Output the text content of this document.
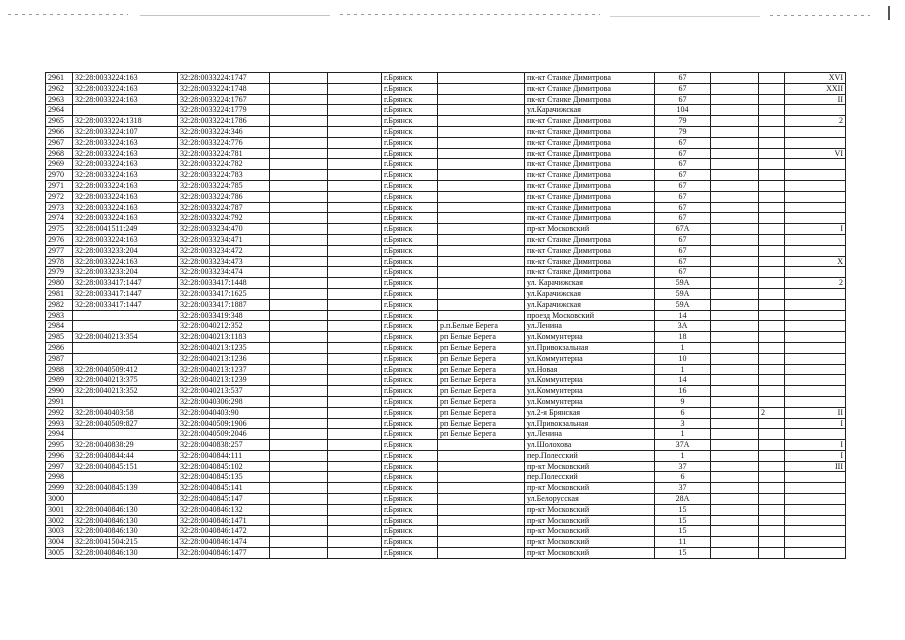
2961	32:28:0033224:163	32:28:0033224:1747			г.Брянск		пк-кт Станке Димитрова	67			XVI
2962	32:28:0033224:163	32:28:0033224:1748			г.Брянск		пк-кт Станке Димитрова	67			XXII
2963	32:28:0033224:163	32:28:0033224:1767			г.Брянск		пк-кт Станке Димитрова	67			II
2964		32:28:0033224:1779			г.Брянск		ул.Карачижская	104			
2965	32:28:0033224:1318	32:28:0033224:1786			г.Брянск		пк-кт Станке Димитрова	79			2
2966	32:28:0033224:107	32:28:0033224:346			г.Брянск		пк-кт Станке Димитрова	79			
2967	32:28:0033224:163	32:28:0033224:776			г.Брянск		пк-кт Станке Димитрова	67			
2968	32:28:0033224:163	32:28:0033224:781			г.Брянск		пк-кт Станке Димитрова	67			VI
2969	32:28:0033224:163	32:28:0033224:782			г.Брянск		пк-кт Станке Димитрова	67			
2970	32:28:0033224:163	32:28:0033224:783			г.Брянск		пк-кт Станке Димитрова	67			
2971	32:28:0033224:163	32:28:0033224:785			г.Брянск		пк-кт Станке Димитрова	67			
2972	32:28:0033224:163	32:28:0033224:786			г.Брянск		пк-кт Станке Димитрова	67			
2973	32:28:0033224:163	32:28:0033224:787			г.Брянск		пк-кт Станке Димитрова	67			
2974	32:28:0033224:163	32:28:0033224:792			г.Брянск		пк-кт Станке Димитрова	67			
2975	32:28:0041511:249	32:28:0033234:470			г.Брянск		пр-кт Московский	67А			I
2976	32:28:0033224:163	32:28:0033234:471			г.Брянск		пк-кт Станке Димитрова	67			
2977	32:28:0033233:204	32:28:0033234:472			г.Брянск		пк-кт Станке Димитрова	67			
2978	32:28:0033224:163	32:28:0033234:473			г.Брянск		пк-кт Станке Димитрова	67			X
2979	32:28:0033233:204	32:28:0033234:474			г.Брянск		пк-кт Станке Димитрова	67			
2980	32:28:0033417:1447	32:28:0033417:1448			г.Брянск		ул. Карачижская	59А			2
2981	32:28:0033417:1447	32:28:0033417:1625			г.Брянск		ул.Карачижская	59А			
2982	32:28:0033417:1447	32:28:0033417:1887			г.Брянск		ул.Карачижская	59А			
2983		32:28:0033419:348			г.Брянск		проезд Московский	14			
2984		32:28:0040212:352			г.Брянск	р.п.Белые Берега	ул.Ленина	3А			
2985	32:28:0040213:354	32:28:0040213:1183			г.Брянск	рп Белые Берега	ул.Коммунтерна	18			
2986		32:28:0040213:1235			г.Брянск	рп Белые Берега	ул.Привокзальная	1			
2987		32:28:0040213:1236			г.Брянск	рп Белые Берега	ул.Коммунтерна	10			
2988	32:28:0040509:412	32:28:0040213:1237			г.Брянск	рп Белые Берега	ул.Новая	1			
2989	32:28:0040213:375	32:28:0040213:1239			г.Брянск	рп Белые Берега	ул.Коммунтерна	14			
2990	32:28:0040213:352	32:28:0040213:537			г.Брянск	рп Белые Берега	ул.Коммунтерна	16			
2991		32:28:0040306:298			г.Брянск	рп Белые Берега	ул.Коммунтерна	9			
2992	32:28:0040403:58	32:28:0040403:90			г.Брянск	рп Белые Берега	ул.2-я Брянская	6		2	II
2993	32:28:0040509:827	32:28:0040509:1906			г.Брянск	рп Белые Берега	ул.Привокзальная	3			I
2994		32:28:0040509:2046			г.Брянск	рп Белые Берега	ул.Ленина	1			
2995	32:28:0040838:29	32:28:0040838:257			г.Брянск		ул.Шолохова	37А			I
2996	32:28:0040844:44	32:28:0040844:111			г.Брянск		пер.Полесский	1			I
2997	32:28:0040845:151	32:28:0040845:102			г.Брянск		пр-кт Московский	37			III
2998		32:28:0040845:135			г.Брянск		пер.Полесский	6			
2999	32:28:0040845:139	32:28:0040845:141			г.Брянск		пр-кт Московский	37			
3000		32:28:0040845:147			г.Брянск		ул.Белорусская	28А			
3001	32:28:0040846:130	32:28:0040846:132			г.Брянск		пр-кт Московский	15			
3002	32:28:0040846:130	32:28:0040846:1471			г.Брянск		пр-кт Московский	15			
3003	32:28:0040846:130	32:28:0040846:1472			г.Брянск		пр-кт Московский	15			
3004	32:28:0041504:215	32:28:0040846:1474			г.Брянск		пр-кт Московский	11			
3005	32:28:0040846:130	32:28:0040846:1477			г.Брянск		пр-кт Московский	15			
